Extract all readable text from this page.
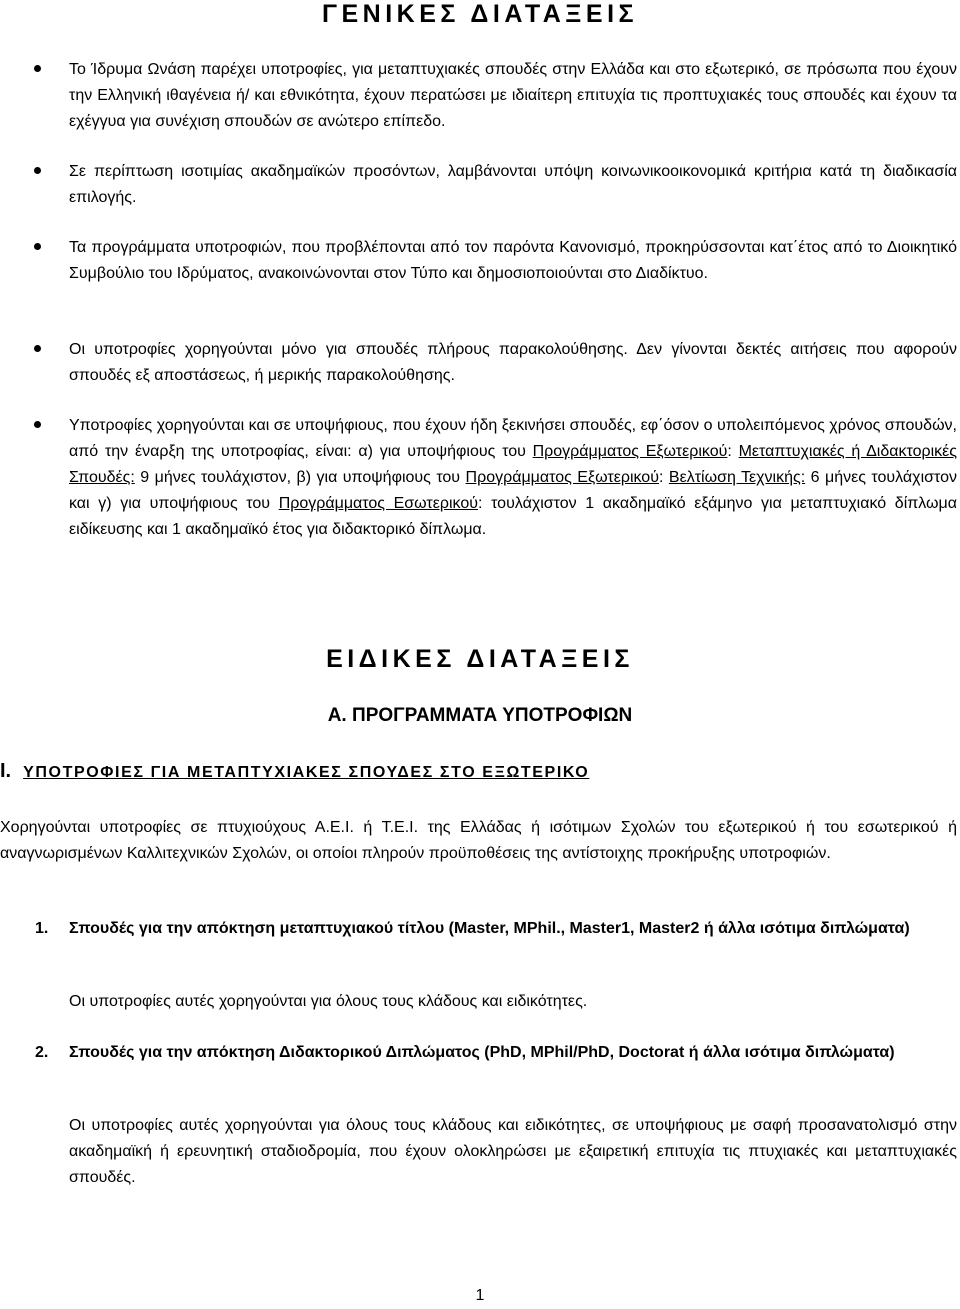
ΓΕΝΙΚΕΣ ΔΙΑΤΑΞΕΙΣ

Το Ίδρυμα Ωνάση παρέχει υποτροφίες, για μεταπτυχιακές σπουδές στην Ελλάδα και στο εξωτερικό, σε πρόσωπα που έχουν την Ελληνική ιθαγένεια ή/ και εθνικότητα, έχουν περατώσει με ιδιαίτερη επιτυχία τις προπτυχιακές τους σπουδές και έχουν τα εχέγγυα για συνέχιση σπουδών σε ανώτερο επίπεδο.

Σε περίπτωση ισοτιμίας ακαδημαϊκών προσόντων, λαμβάνονται υπόψη κοινωνικοοικονομικά κριτήρια κατά τη διαδικασία επιλογής.

Τα προγράμματα υποτροφιών, που προβλέπονται από τον παρόντα Κανονισμό, προκηρύσσονται κατ΄έτος από το Διοικητικό Συμβούλιο του Ιδρύματος, ανακοινώνονται στον Τύπο και δημοσιοποιούνται στο Διαδίκτυο.

Οι υποτροφίες χορηγούνται μόνο για σπουδές πλήρους παρακολούθησης. Δεν γίνονται δεκτές αιτήσεις που αφορούν σπουδές εξ αποστάσεως, ή μερικής παρακολούθησης.

Υποτροφίες χορηγούνται και σε υποψήφιους, που έχουν ήδη ξεκινήσει σπουδές, εφ΄όσον ο υπολειπόμενος χρόνος σπουδών, από την έναρξη της υποτροφίας, είναι: α) για υποψήφιους του Προγράμματος Εξωτερικού: Μεταπτυχιακές ή Διδακτορικές Σπουδές: 9 μήνες τουλάχιστον, β) για υποψήφιους του Προγράμματος Εξωτερικού: Βελτίωση Τεχνικής: 6 μήνες τουλάχιστον και γ) για υποψήφιους του Προγράμματος Εσωτερικού: τουλάχιστον 1 ακαδημαϊκό εξάμηνο για μεταπτυχιακό δίπλωμα ειδίκευσης και 1 ακαδημαϊκό έτος για διδακτορικό δίπλωμα.

ΕΙΔΙΚΕΣ ΔΙΑΤΑΞΕΙΣ
Α. ΠΡΟΓΡΑΜΜΑΤΑ ΥΠΟΤΡΟΦΙΩΝ
I. ΥΠΟΤΡΟΦΙΕΣ ΓΙΑ ΜΕΤΑΠΤΥΧΙΑΚΕΣ ΣΠΟΥΔΕΣ ΣΤΟ ΕΞΩΤΕΡΙΚΟ

Χορηγούνται υποτροφίες σε πτυχιούχους Α.Ε.Ι. ή Τ.Ε.Ι. της Ελλάδας ή ισότιμων Σχολών του εξωτερικού ή του εσωτερικού ή αναγνωρισμένων Καλλιτεχνικών Σχολών, οι οποίοι πληρούν προϋποθέσεις της αντίστοιχης προκήρυξης υποτροφιών.

1. Σπουδές για την απόκτηση μεταπτυχιακού τίτλου (Master, MPhil., Master1, Master2 ή άλλα ισότιμα διπλώματα)

Οι υποτροφίες αυτές χορηγούνται για όλους τους κλάδους και ειδικότητες.

2. Σπουδές για την απόκτηση Διδακτορικού Διπλώματος (PhD, MPhil/PhD, Doctorat ή άλλα ισότιμα διπλώματα)

Οι υποτροφίες αυτές χορηγούνται για όλους τους κλάδους και ειδικότητες, σε υποψήφιους με σαφή προσανατολισμό στην ακαδημαϊκή ή ερευνητική σταδιοδρομία, που έχουν ολοκληρώσει με εξαιρετική επιτυχία τις πτυχιακές και μεταπτυχιακές σπουδές.

1
